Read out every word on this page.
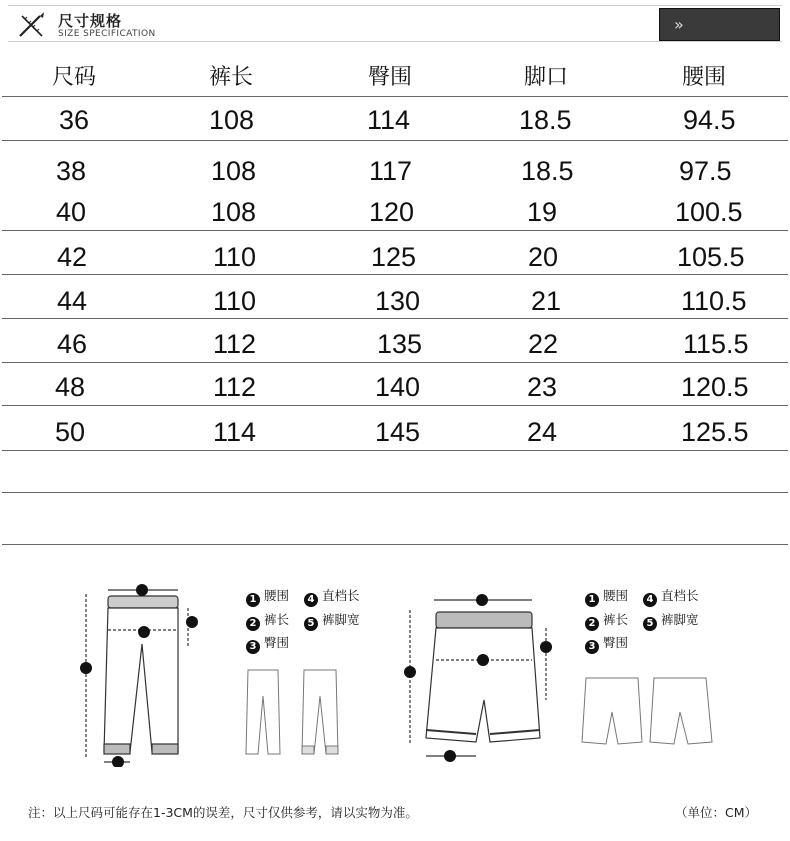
尺寸规格
SIZE SPECIFICATION	»
尺码	裤长	臀围	脚口	腰围
36	108	114	18.5	94.5
38	108	117	18.5	97.5
40	108	120	19	100.5
42	110	125	20	105.5
44	110	130	21	110.5
46	112	135	22	115.5
48	112	140	23	120.5
50	114	145	24	125.5
1 腰围	4 直档长
2 裤长	5 裤脚宽
3 臀围
1 腰围	4 直档长
2 裤长	5 裤脚宽
3 臀围
注：以上尺码可能存在1-3CM的误差，尺寸仅供参考，请以实物为准。	（单位：CM）
